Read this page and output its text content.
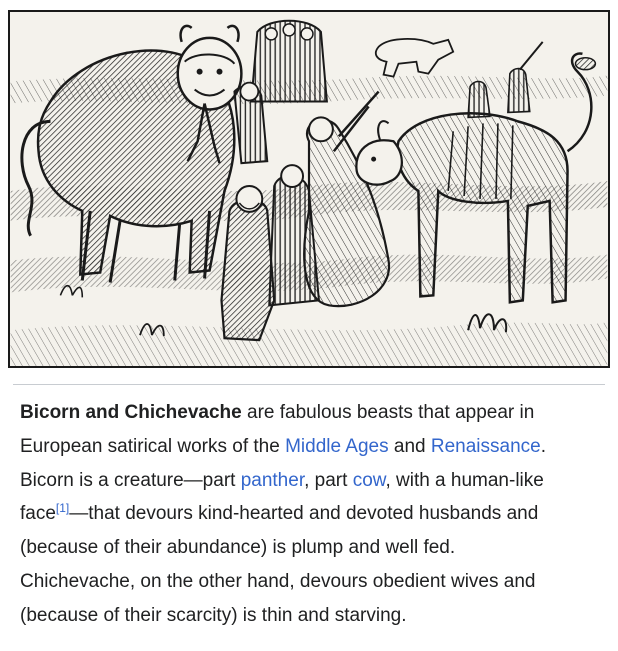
Bicorn and Chichevache are fabulous beasts that appear in
European satirical works of the Middle Ages and Renaissance.
Bicorn is a creature—part panther, part cow, with a human-like
face[1]—that devours kind-hearted and devoted husbands and
(because of their abundance) is plump and well fed.
Chichevache, on the other hand, devours obedient wives and
(because of their scarcity) is thin and starving.
